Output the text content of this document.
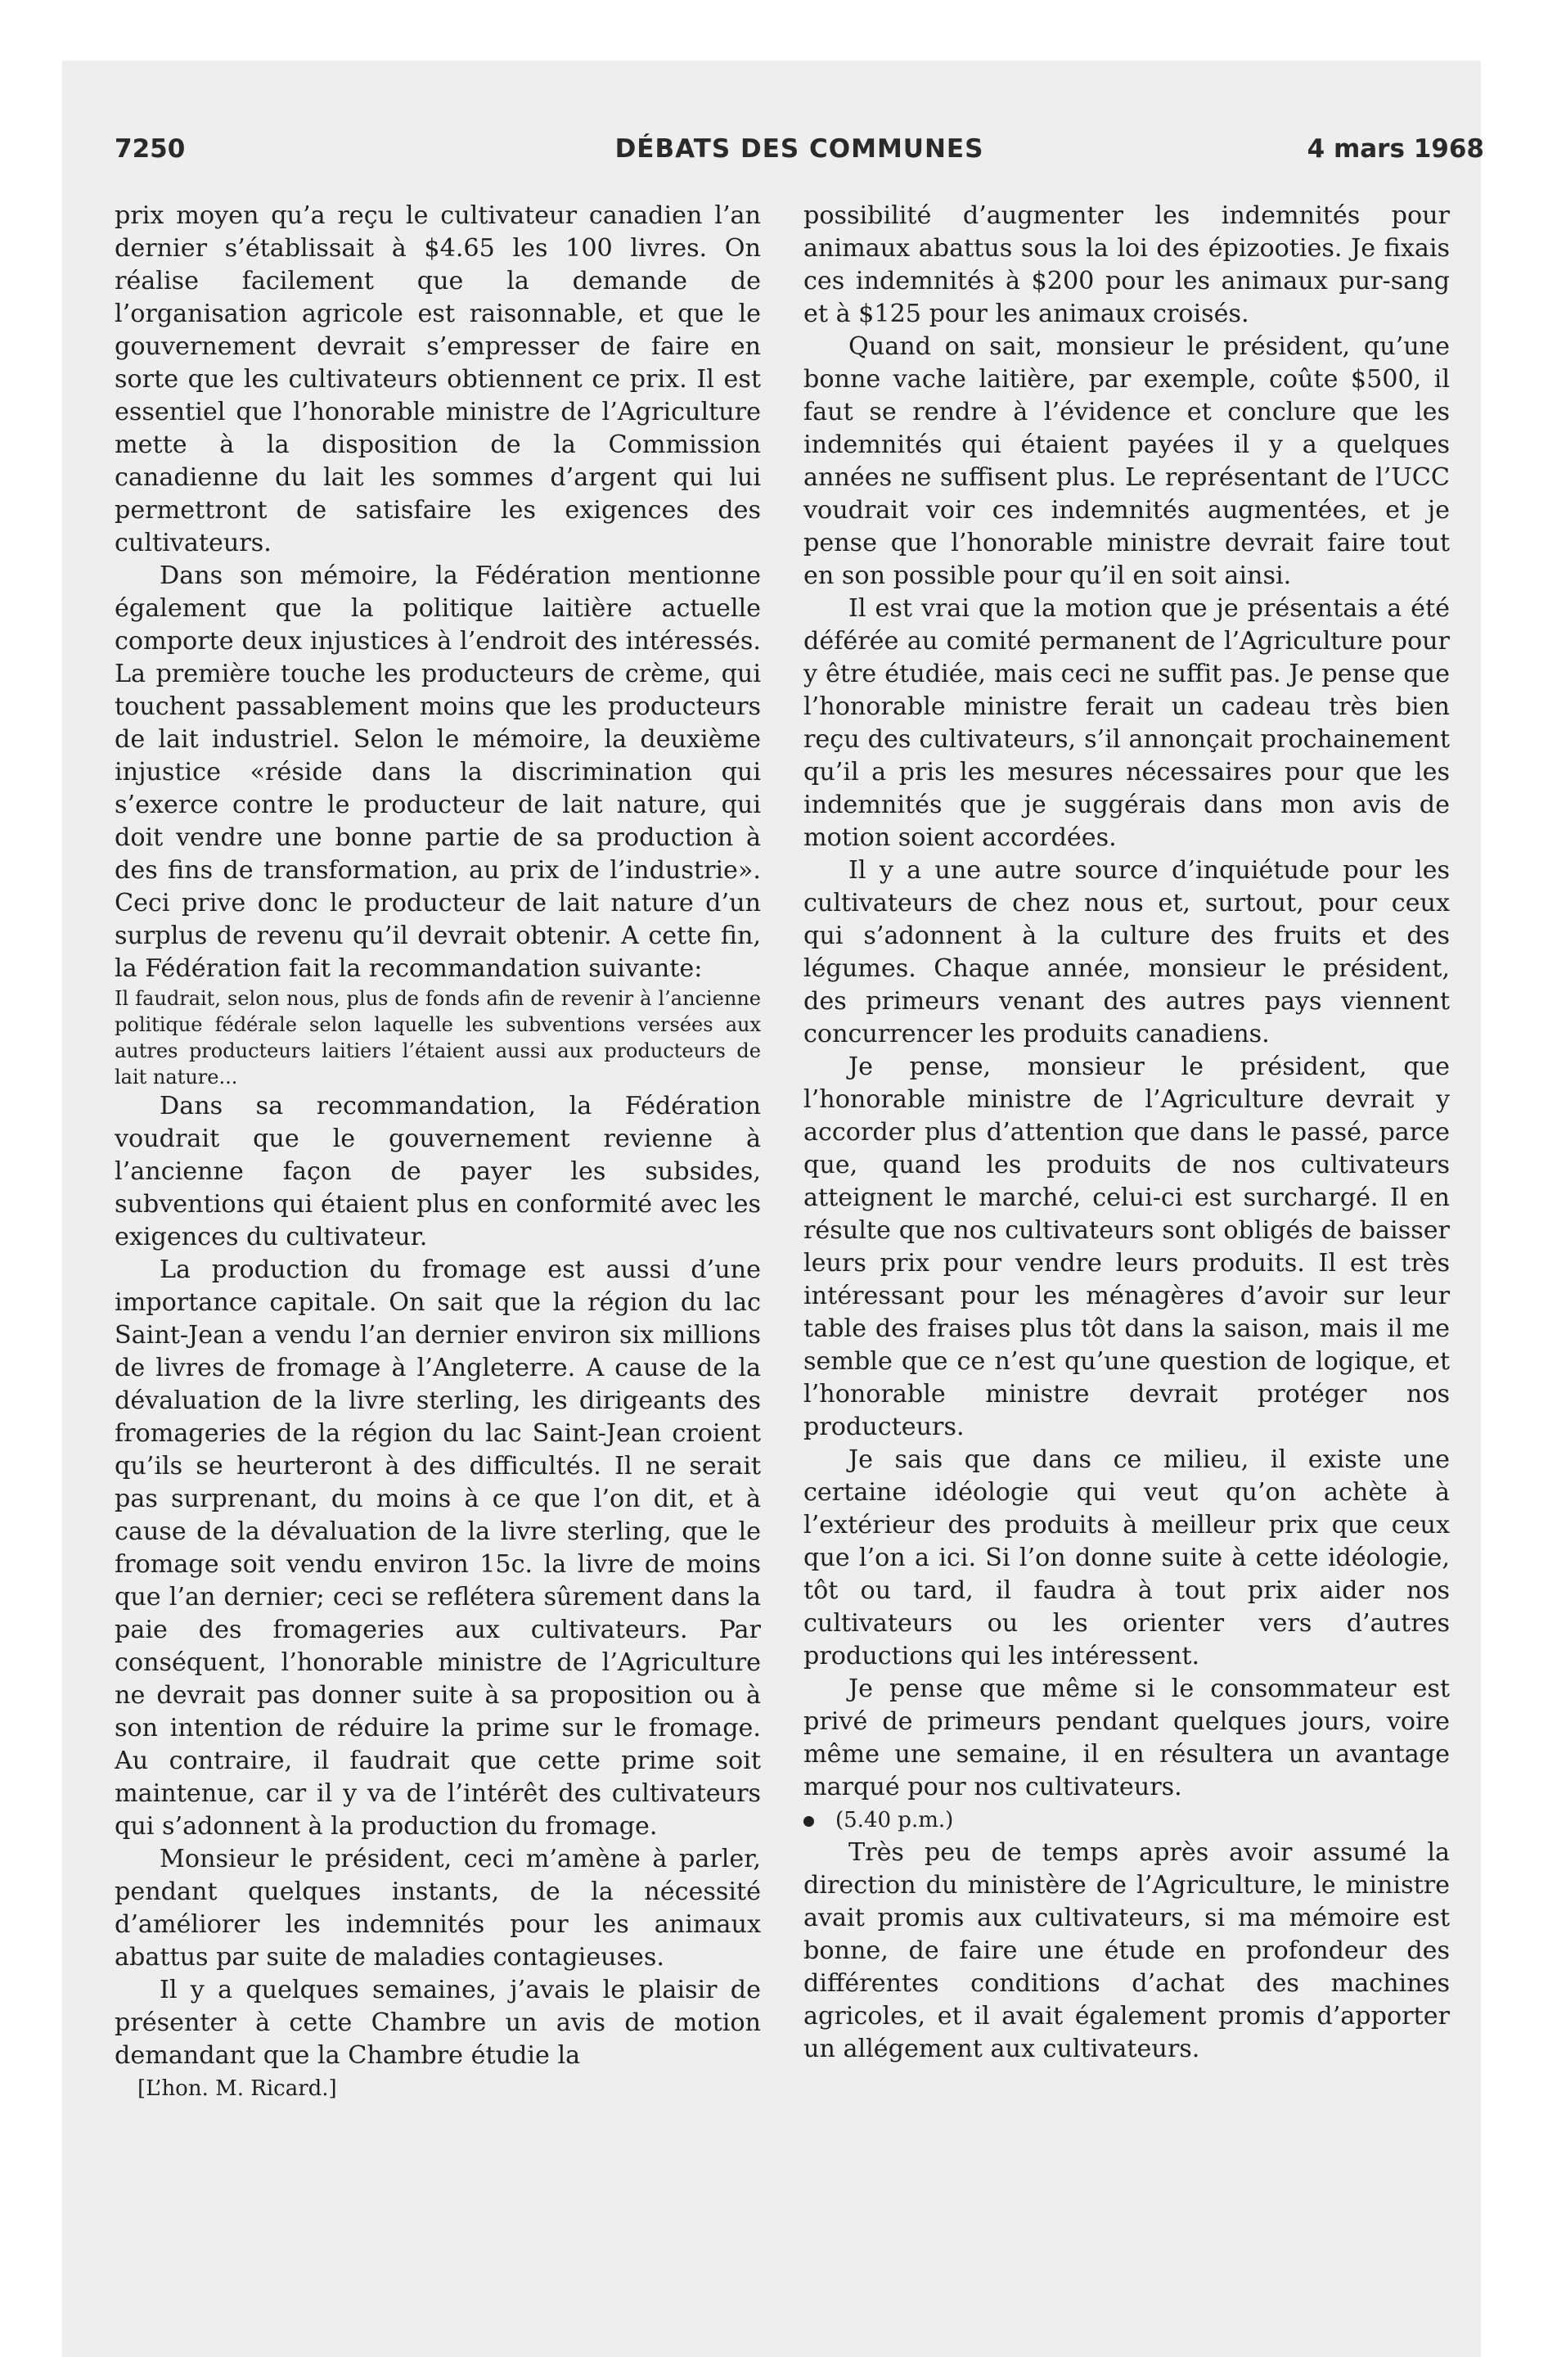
7250	DÉBATS DES COMMUNES	4 mars 1968

prix moyen qu’a reçu le cultivateur canadien l’an dernier s’établissait à $4.65 les 100 livres. On réalise facilement que la demande de l’organisation agricole est raisonnable, et que le gouvernement devrait s’empresser de faire en sorte que les cultivateurs obtiennent ce prix. Il est essentiel que l’honorable ministre de l’Agriculture mette à la disposition de la Commission canadienne du lait les sommes d’argent qui lui permettront de satisfaire les exigences des cultivateurs.

Dans son mémoire, la Fédération mentionne également que la politique laitière actuelle comporte deux injustices à l’endroit des intéressés. La première touche les producteurs de crème, qui touchent passablement moins que les producteurs de lait industriel. Selon le mémoire, la deuxième injustice «réside dans la discrimination qui s’exerce contre le producteur de lait nature, qui doit vendre une bonne partie de sa production à des fins de transformation, au prix de l’industrie». Ceci prive donc le producteur de lait nature d’un surplus de revenu qu’il devrait obtenir. A cette fin, la Fédération fait la recommandation suivante:

Il faudrait, selon nous, plus de fonds afin de revenir à l’ancienne politique fédérale selon laquelle les subventions versées aux autres producteurs laitiers l’étaient aussi aux producteurs de lait nature...

Dans sa recommandation, la Fédération voudrait que le gouvernement revienne à l’ancienne façon de payer les subsides, subventions qui étaient plus en conformité avec les exigences du cultivateur.

La production du fromage est aussi d’une importance capitale. On sait que la région du lac Saint-Jean a vendu l’an dernier environ six millions de livres de fromage à l’Angleterre. A cause de la dévaluation de la livre sterling, les dirigeants des fromageries de la région du lac Saint-Jean croient qu’ils se heurteront à des difficultés. Il ne serait pas surprenant, du moins à ce que l’on dit, et à cause de la dévaluation de la livre sterling, que le fromage soit vendu environ 15c. la livre de moins que l’an dernier; ceci se reflétera sûrement dans la paie des fromageries aux cultivateurs. Par conséquent, l’honorable ministre de l’Agriculture ne devrait pas donner suite à sa proposition ou à son intention de réduire la prime sur le fromage. Au contraire, il faudrait que cette prime soit maintenue, car il y va de l’intérêt des cultivateurs qui s’adonnent à la production du fromage.

Monsieur le président, ceci m’amène à parler, pendant quelques instants, de la nécessité d’améliorer les indemnités pour les animaux abattus par suite de maladies contagieuses.

Il y a quelques semaines, j’avais le plaisir de présenter à cette Chambre un avis de motion demandant que la Chambre étudie la

[L’hon. M. Ricard.]

possibilité d’augmenter les indemnités pour animaux abattus sous la loi des épizooties. Je fixais ces indemnités à $200 pour les animaux pur-sang et à $125 pour les animaux croisés.

Quand on sait, monsieur le président, qu’une bonne vache laitière, par exemple, coûte $500, il faut se rendre à l’évidence et conclure que les indemnités qui étaient payées il y a quelques années ne suffisent plus. Le représentant de l’UCC voudrait voir ces indemnités augmentées, et je pense que l’honorable ministre devrait faire tout en son possible pour qu’il en soit ainsi.

Il est vrai que la motion que je présentais a été déférée au comité permanent de l’Agriculture pour y être étudiée, mais ceci ne suffit pas. Je pense que l’honorable ministre ferait un cadeau très bien reçu des cultivateurs, s’il annonçait prochainement qu’il a pris les mesures nécessaires pour que les indemnités que je suggérais dans mon avis de motion soient accordées.

Il y a une autre source d’inquiétude pour les cultivateurs de chez nous et, surtout, pour ceux qui s’adonnent à la culture des fruits et des légumes. Chaque année, monsieur le président, des primeurs venant des autres pays viennent concurrencer les produits canadiens.

Je pense, monsieur le président, que l’honorable ministre de l’Agriculture devrait y accorder plus d’attention que dans le passé, parce que, quand les produits de nos cultivateurs atteignent le marché, celui-ci est surchargé. Il en résulte que nos cultivateurs sont obligés de baisser leurs prix pour vendre leurs produits. Il est très intéressant pour les ménagères d’avoir sur leur table des fraises plus tôt dans la saison, mais il me semble que ce n’est qu’une question de logique, et l’honorable ministre devrait protéger nos producteurs.

Je sais que dans ce milieu, il existe une certaine idéologie qui veut qu’on achète à l’extérieur des produits à meilleur prix que ceux que l’on a ici. Si l’on donne suite à cette idéologie, tôt ou tard, il faudra à tout prix aider nos cultivateurs ou les orienter vers d’autres productions qui les intéressent.

Je pense que même si le consommateur est privé de primeurs pendant quelques jours, voire même une semaine, il en résultera un avantage marqué pour nos cultivateurs.

(5.40 p.m.)

Très peu de temps après avoir assumé la direction du ministère de l’Agriculture, le ministre avait promis aux cultivateurs, si ma mémoire est bonne, de faire une étude en profondeur des différentes conditions d’achat des machines agricoles, et il avait également promis d’apporter un allégement aux cultivateurs.
